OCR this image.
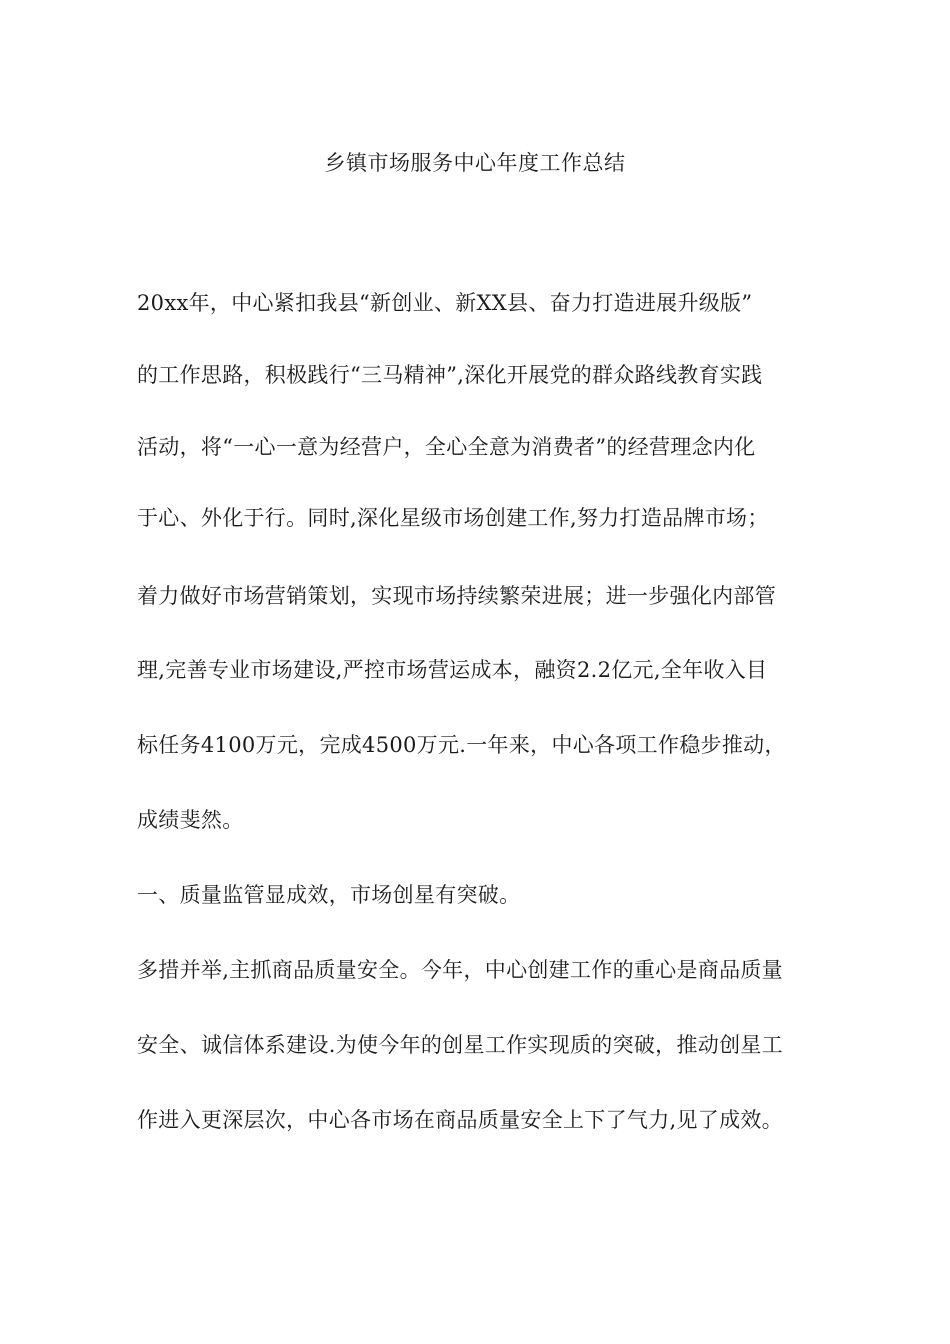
乡镇市场服务中心年度工作总结
20xx年，中心紧扣我县“新创业、新XX县、奋力打造进展升级版”
的工作思路，积极践行“三马精神”,深化开展党的群众路线教育实践
活动，将“一心一意为经营户，全心全意为消费者”的经营理念内化
于心、外化于行。同时,深化星级市场创建工作,努力打造品牌市场；
着力做好市场营销策划，实现市场持续繁荣进展；进一步强化内部管
理,完善专业市场建设,严控市场营运成本，融资2.2亿元,全年收入目
标任务4100万元，完成4500万元.一年来，中心各项工作稳步推动，
成绩斐然。
一、质量监管显成效，市场创星有突破。
多措并举,主抓商品质量安全。今年，中心创建工作的重心是商品质量
安全、诚信体系建设.为使今年的创星工作实现质的突破，推动创星工
作进入更深层次，中心各市场在商品质量安全上下了气力,见了成效。
